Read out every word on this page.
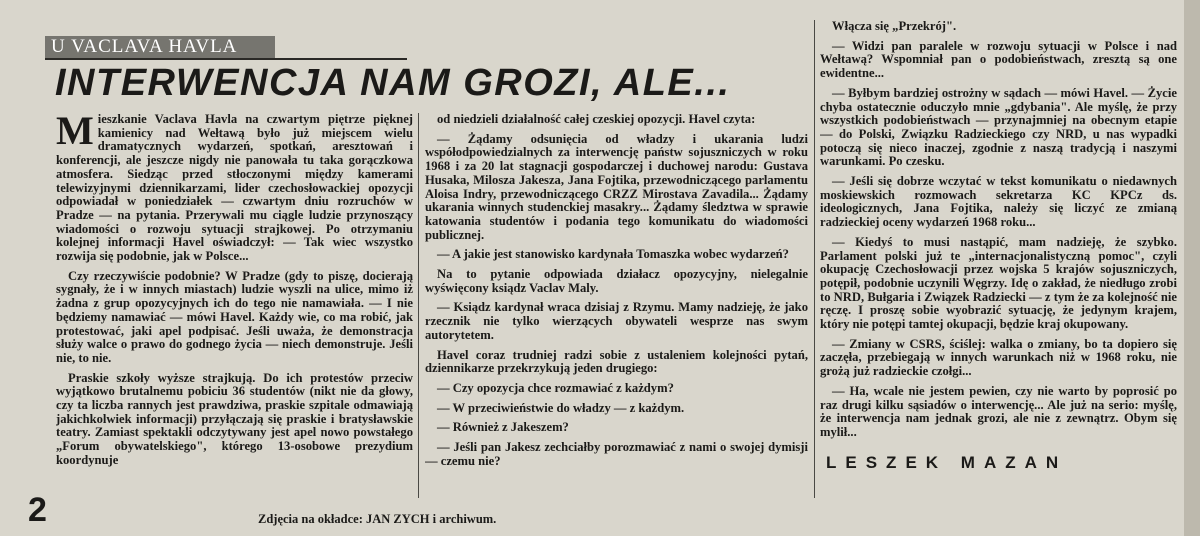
U VACLAVA HAVLA
INTERWENCJA NAM GROZI, ALE...

Mieszkanie Vaclava Havla na czwartym piętrze pięknej kamienicy nad Wełtawą było już miejscem wielu dramatycznych wydarzeń, spotkań, aresztowań i konferencji, ale jeszcze nigdy nie panowała tu taka gorączkowa atmosfera. Siedząc przed stłoczonymi między kamerami telewizyjnymi dziennikarzami, lider czechosłowackiej opozycji odpowiadał w poniedziałek — czwartym dniu rozruchów w Pradze — na pytania. Przerywali mu ciągle ludzie przynoszący wiadomości o rozwoju sytuacji strajkowej. Po otrzymaniu kolejnej informacji Havel oświadczył: — Tak wiec wszystko rozwija się podobnie, jak w Polsce...

Czy rzeczywiście podobnie? W Pradze (gdy to piszę, docierają sygnały, że i w innych miastach) ludzie wyszli na ulice, mimo iż żadna z grup opozycyjnych ich do tego nie namawiała. — I nie będziemy namawiać — mówi Havel. Każdy wie, co ma robić, jak protestować, jaki apel podpisać. Jeśli uważa, że demonstracja służy walce o prawo do godnego życia — niech demonstruje. Jeśli nie, to nie.

Praskie szkoły wyższe strajkują. Do ich protestów przeciw wyjątkowo brutalnemu pobiciu 36 studentów (nikt nie da głowy, czy ta liczba rannych jest prawdziwa, praskie szpitale odmawiają jakichkolwiek informacji) przyłączają się praskie i bratysławskie teatry. Zamiast spektakli odczytywany jest apel nowo powstałego „Forum obywatelskiego", którego 13-osobowe prezydium koordynuje

od niedzieli działalność całej czeskiej opozycji. Havel czyta:

— Żądamy odsunięcia od władzy i ukarania ludzi współodpowiedzialnych za interwencję państw sojuszniczych w roku 1968 i za 20 lat stagnacji gospodarczej i duchowej narodu: Gustava Husaka, Milosza Jakesza, Jana Fojtika, przewodniczącego parlamentu Aloisa Indry, przewodniczącego CRZZ Mirostava Zavadila... Żądamy ukarania winnych studenckiej masakry... Żądamy śledztwa w sprawie katowania studentów i podania tego komunikatu do wiadomości publicznej.

— A jakie jest stanowisko kardynała Tomaszka wobec wydarzeń?

Na to pytanie odpowiada działacz opozycyjny, nielegalnie wyświęcony ksiądz Vaclav Maly.

— Ksiądz kardynał wraca dzisiaj z Rzymu. Mamy nadzieję, że jako rzecznik nie tylko wierzących obywateli wesprze nas swym autorytetem.

Havel coraz trudniej radzi sobie z ustaleniem kolejności pytań, dziennikarze przekrzykują jeden drugiego:

— Czy opozycja chce rozmawiać z każdym?

— W przeciwieństwie do władzy — z każdym.

— Również z Jakeszem?

— Jeśli pan Jakesz zechciałby porozmawiać z nami o swojej dymisji — czemu nie?

Włącza się „Przekrój".

— Widzi pan paralele w rozwoju sytuacji w Polsce i nad Wełtawą? Wspomniał pan o podobieństwach, zresztą są one ewidentne...

— Byłbym bardziej ostrożny w sądach — mówi Havel. — Życie chyba ostatecznie oduczyło mnie „gdybania". Ale myślę, że przy wszystkich podobieństwach — przynajmniej na obecnym etapie — do Polski, Związku Radzieckiego czy NRD, u nas wypadki potoczą się nieco inaczej, zgodnie z naszą tradycją i naszymi warunkami. Po czesku.

— Jeśli się dobrze wczytać w tekst komunikatu o niedawnych moskiewskich rozmowach sekretarza KC KPCz ds. ideologicznych, Jana Fojtika, należy się liczyć ze zmianą radzieckiej oceny wydarzeń 1968 roku...

— Kiedyś to musi nastąpić, mam nadzieję, że szybko. Parlament polski już te „internacjonalistyczną pomoc", czyli okupację Czechosłowacji przez wojska 5 krajów sojuszniczych, potępił, podobnie uczynili Węgrzy. Idę o zakład, że niedługo zrobi to NRD, Bułgaria i Związek Radziecki — z tym że za kolejność nie ręczę. I proszę sobie wyobrazić sytuację, że jedynym krajem, który nie potępi tamtej okupacji, będzie kraj okupowany.

— Zmiany w CSRS, ściślej: walka o zmiany, bo ta dopiero się zaczęła, przebiegają w innych warunkach niż w 1968 roku, nie grożą już radzieckie czołgi...

— Ha, wcale nie jestem pewien, czy nie warto by poprosić po raz drugi kilku sąsiadów o interwencję... Ale już na serio: myślę, że interwencja nam jednak grozi, ale nie z zewnątrz. Obym się mylił...

LESZEK MAZAN
2	Zdjęcia na okładce: JAN ZYCH i archiwum.
